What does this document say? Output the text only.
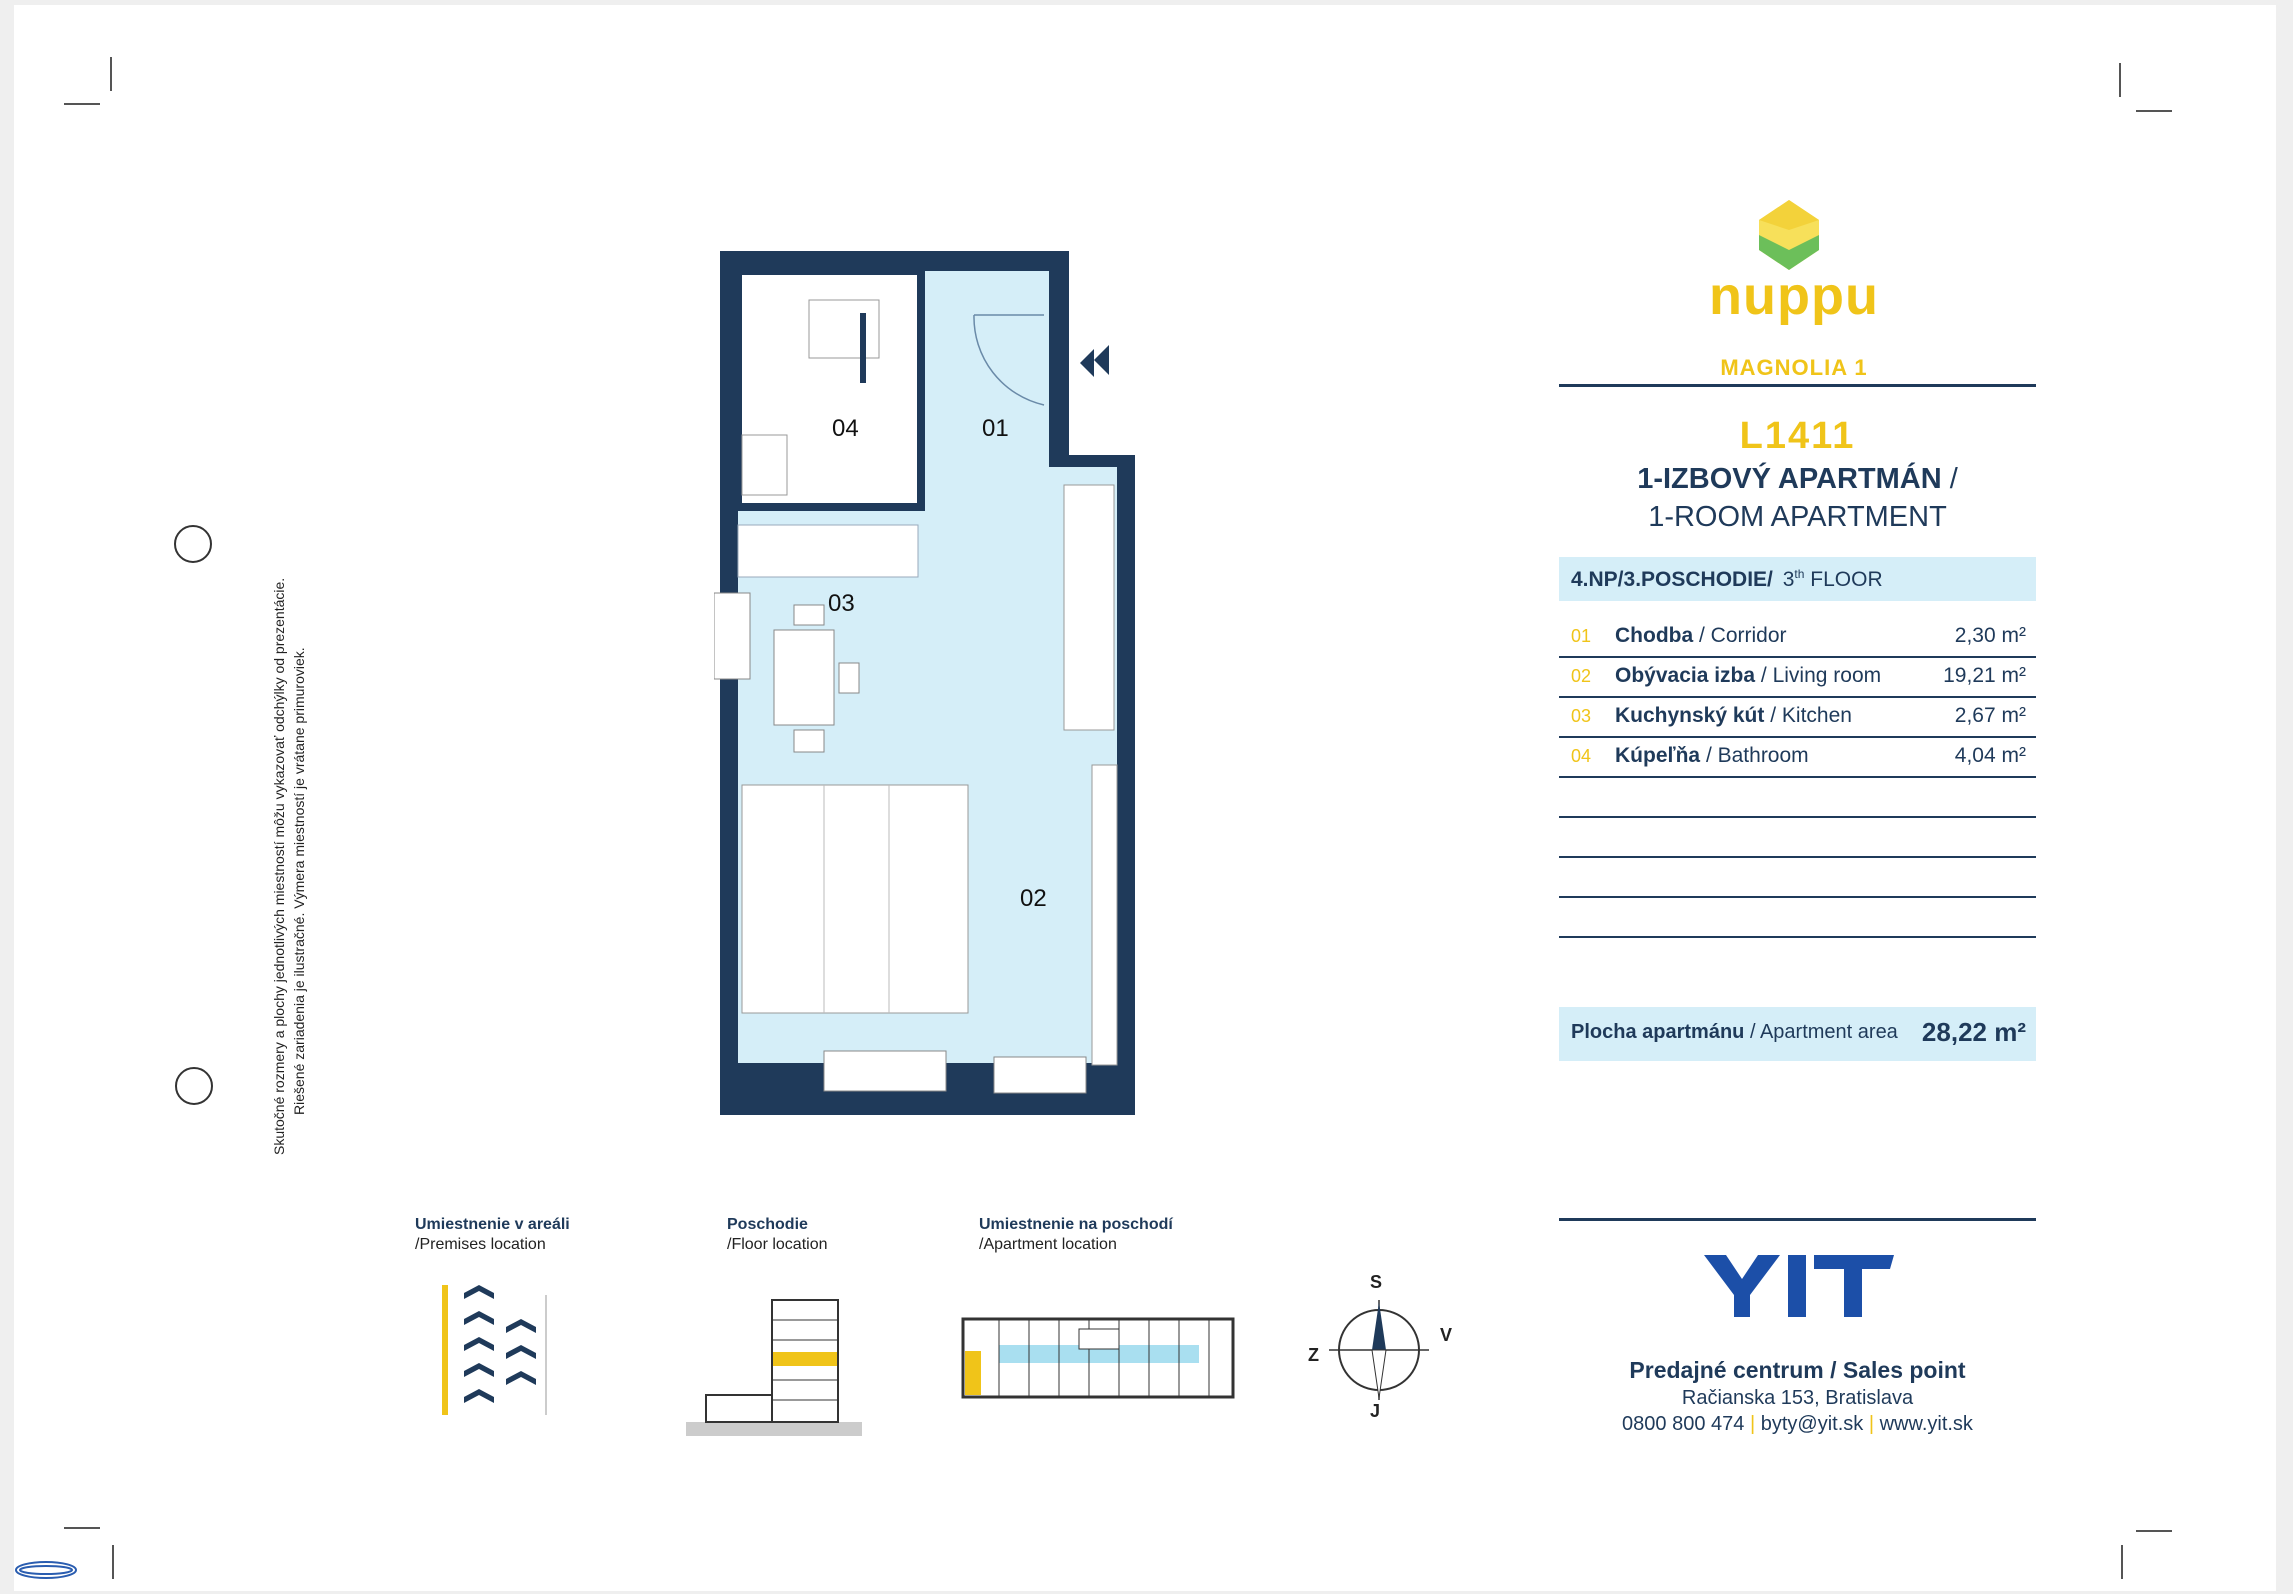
Skutočné rozmery a plochy jednotlivých miestností môžu vykazovať odchýlky od prezentácie. Riešené zariadenia je ilustračné. Výmera miestností je vrátane primuroviek.
04	01
03
02
nuppu
MAGNOLIA 1
L1411
1-IZBOVÝ APARTMÁN /
1-ROOM APARTMENT
4.NP/3.POSCHODIE/ 3th FLOOR
01 Chodba / Corridor	2,30 m²
02 Obývacia izba / Living room	19,21 m²
03 Kuchynský kút / Kitchen	2,67 m²
04 Kúpeľňa / Bathroom	4,04 m²
Plocha apartmánu / Apartment area 28,22 m²
Umiestnenie v areáli
/Premises location
Poschodie
/Floor location
Umiestnenie na poschodí
/Apartment location
S
J
Z
V
Predajné centrum / Sales point
Račianska 153, Bratislava
0800 800 474 | byty@yit.sk | www.yit.sk
